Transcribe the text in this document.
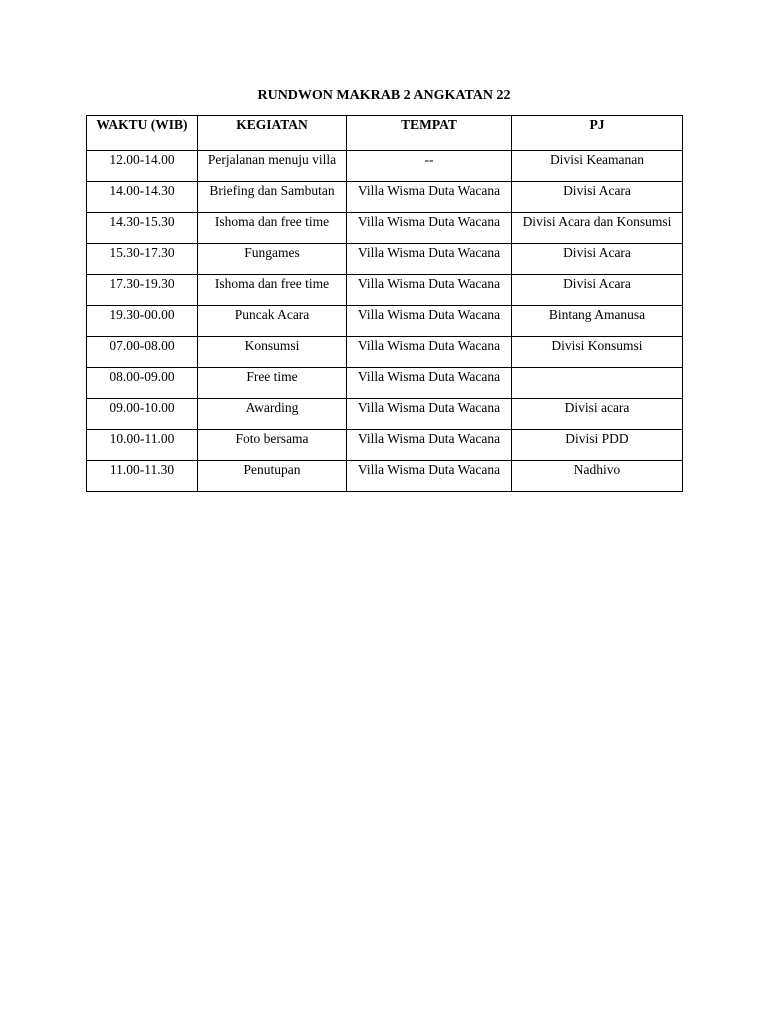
RUNDWON MAKRAB 2 ANGKATAN 22
WAKTU (WIB)	KEGIATAN	TEMPAT	PJ
12.00-14.00	Perjalanan menuju villa	--	Divisi Keamanan
14.00-14.30	Briefing dan Sambutan	Villa Wisma Duta Wacana	Divisi Acara
14.30-15.30	Ishoma dan free time	Villa Wisma Duta Wacana	Divisi Acara dan Konsumsi
15.30-17.30	Fungames	Villa Wisma Duta Wacana	Divisi Acara
17.30-19.30	Ishoma dan free time	Villa Wisma Duta Wacana	Divisi Acara
19.30-00.00	Puncak Acara	Villa Wisma Duta Wacana	Bintang Amanusa
07.00-08.00	Konsumsi	Villa Wisma Duta Wacana	Divisi Konsumsi
08.00-09.00	Free time	Villa Wisma Duta Wacana	
09.00-10.00	Awarding	Villa Wisma Duta Wacana	Divisi acara
10.00-11.00	Foto bersama	Villa Wisma Duta Wacana	Divisi PDD
11.00-11.30	Penutupan	Villa Wisma Duta Wacana	Nadhivo
